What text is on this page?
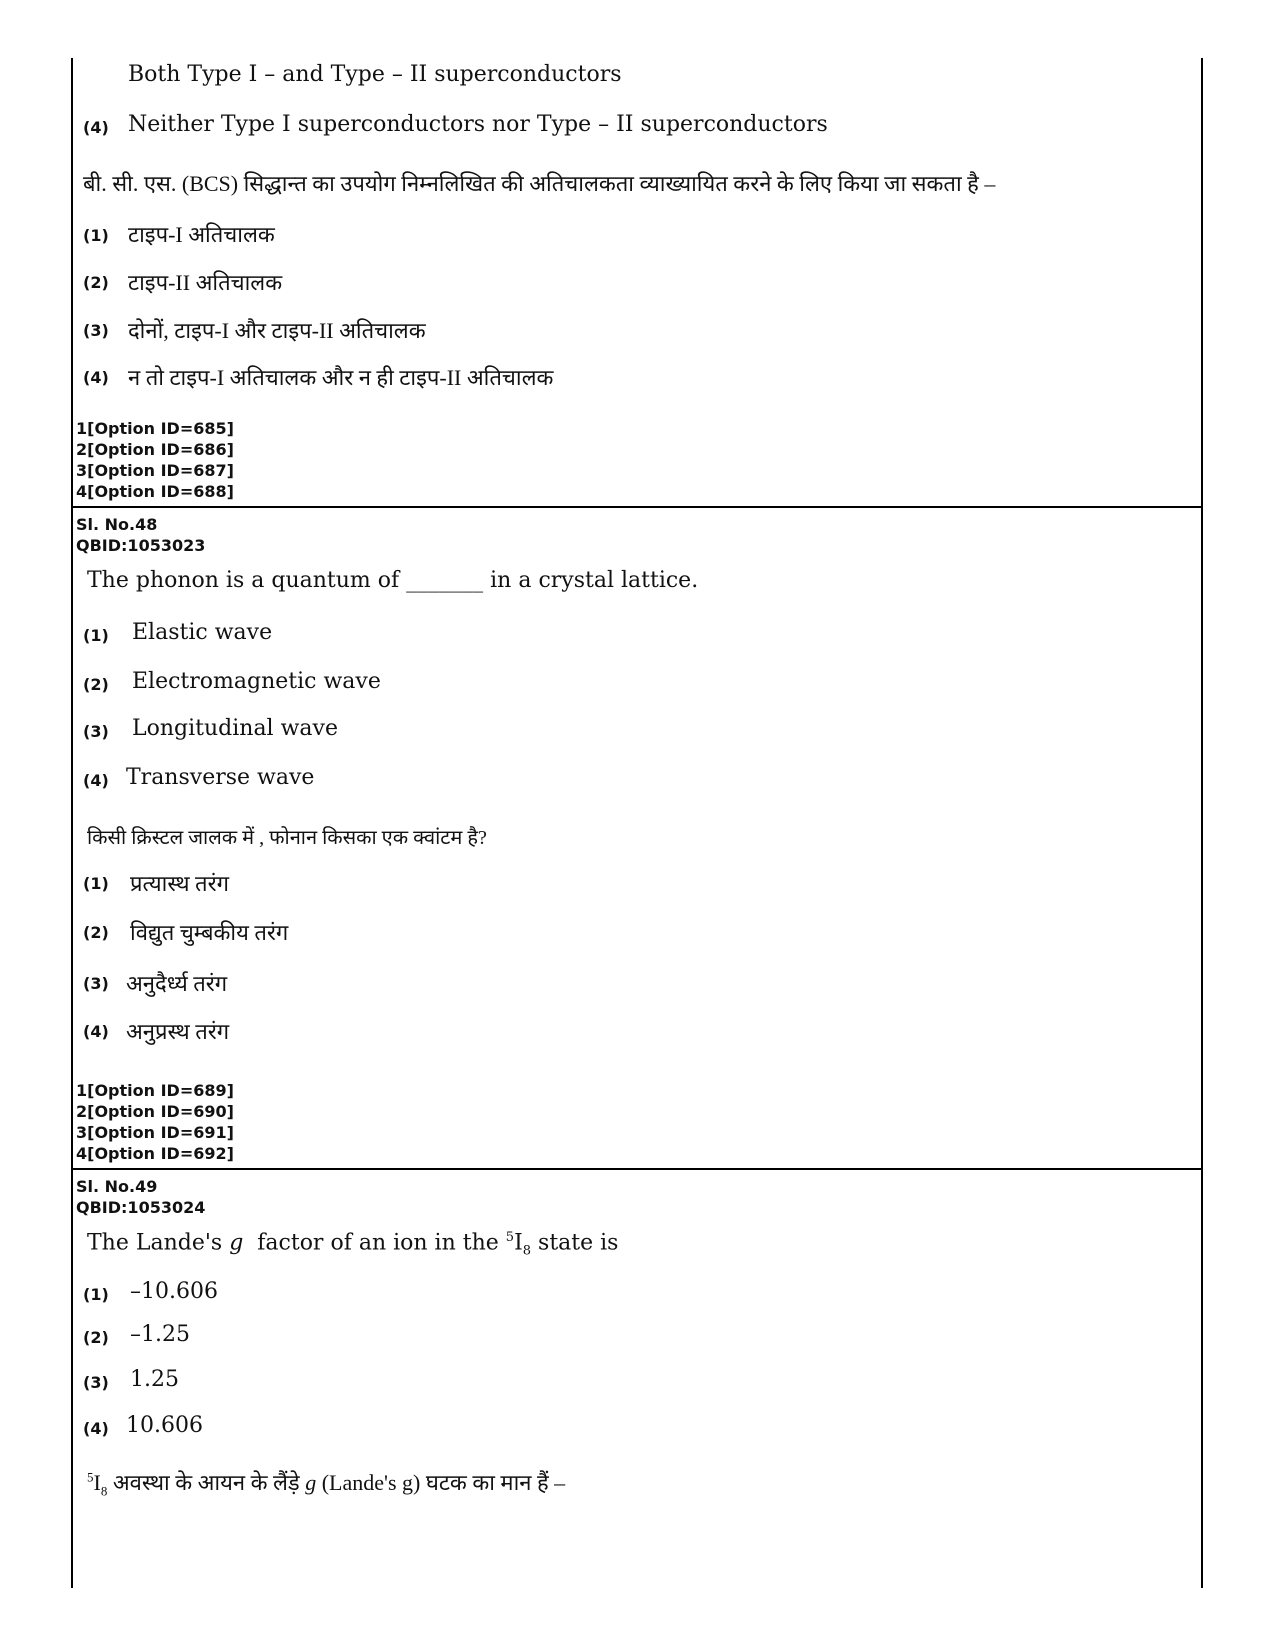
Both Type I – and Type – II superconductors
(4) Neither Type I superconductors nor Type – II superconductors
बी. सी. एस. (BCS) सिद्धान्त का उपयोग निम्नलिखित की अतिचालकता व्याख्यायित करने के लिए किया जा सकता है –
(1) टाइप-I अतिचालक
(2) टाइप-II अतिचालक
(3) दोनों, टाइप-I और टाइप-II अतिचालक
(4) न तो टाइप-I अतिचालक और न ही टाइप-II अतिचालक
1[Option ID=685]
2[Option ID=686]
3[Option ID=687]
4[Option ID=688]
Sl. No.48
QBID:1053023
The phonon is a quantum of _______ in a crystal lattice.
(1) Elastic wave
(2) Electromagnetic wave
(3) Longitudinal wave
(4) Transverse wave
किसी क्रिस्टल जालक में , फोनान किसका एक क्वांटम है?
(1) प्रत्यास्थ तरंग
(2) विद्युत चुम्बकीय तरंग
(3) अनुदैर्ध्य तरंग
(4) अनुप्रस्थ तरंग
1[Option ID=689]
2[Option ID=690]
3[Option ID=691]
4[Option ID=692]
Sl. No.49
QBID:1053024
The Lande's g  factor of an ion in the $^5I_8$ state is
(1) –10.606
(2) –1.25
(3) 1.25
(4) 10.606
$^5I_8$ अवस्था के आयन के लैंड़े g (Lande's g) घटक का मान हैं –
